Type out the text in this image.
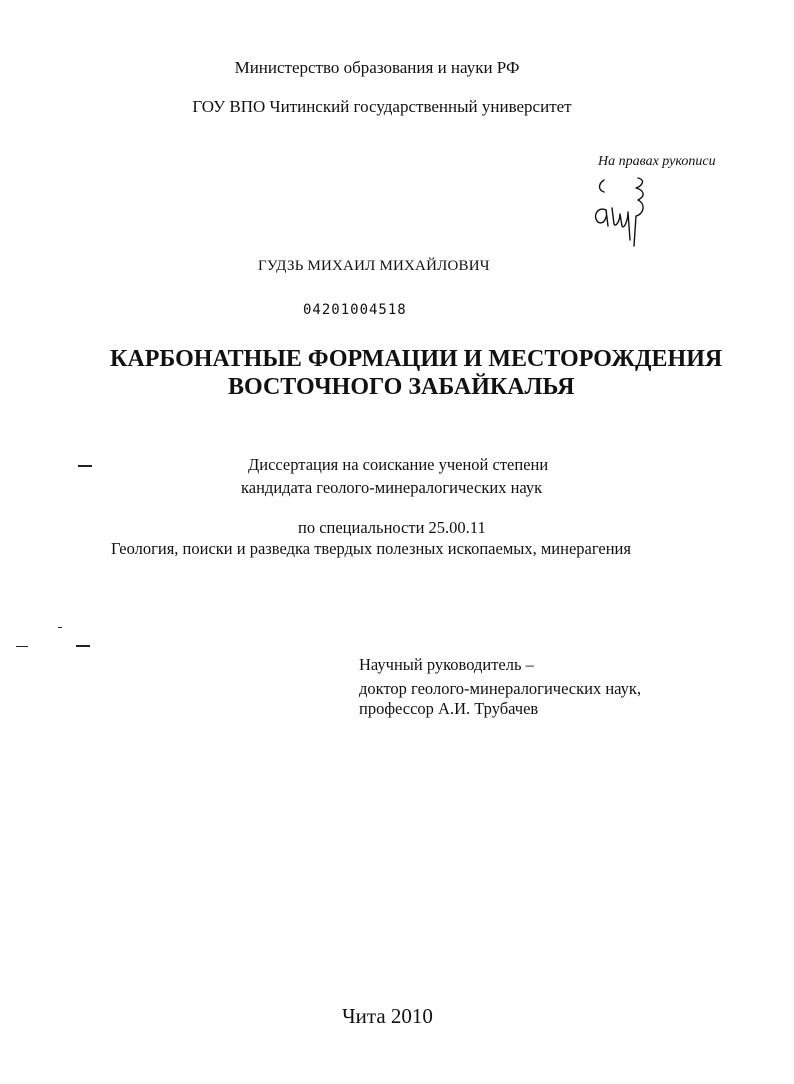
Министерство образования и науки РФ
ГОУ ВПО Читинский государственный университет
На правах рукописи
ГУДЗЬ МИХАИЛ МИХАЙЛОВИЧ
04201004518
КАРБОНАТНЫЕ ФОРМАЦИИ И МЕСТОРОЖДЕНИЯ
ВОСТОЧНОГО ЗАБАЙКАЛЬЯ
Диссертация на соискание ученой степени
кандидата геолого-минералогических наук
по специальности 25.00.11
Геология, поиски и разведка твердых полезных ископаемых, минерагения
Научный руководитель –
доктор геолого-минералогических наук,
профессор А.И. Трубачев
Чита 2010
